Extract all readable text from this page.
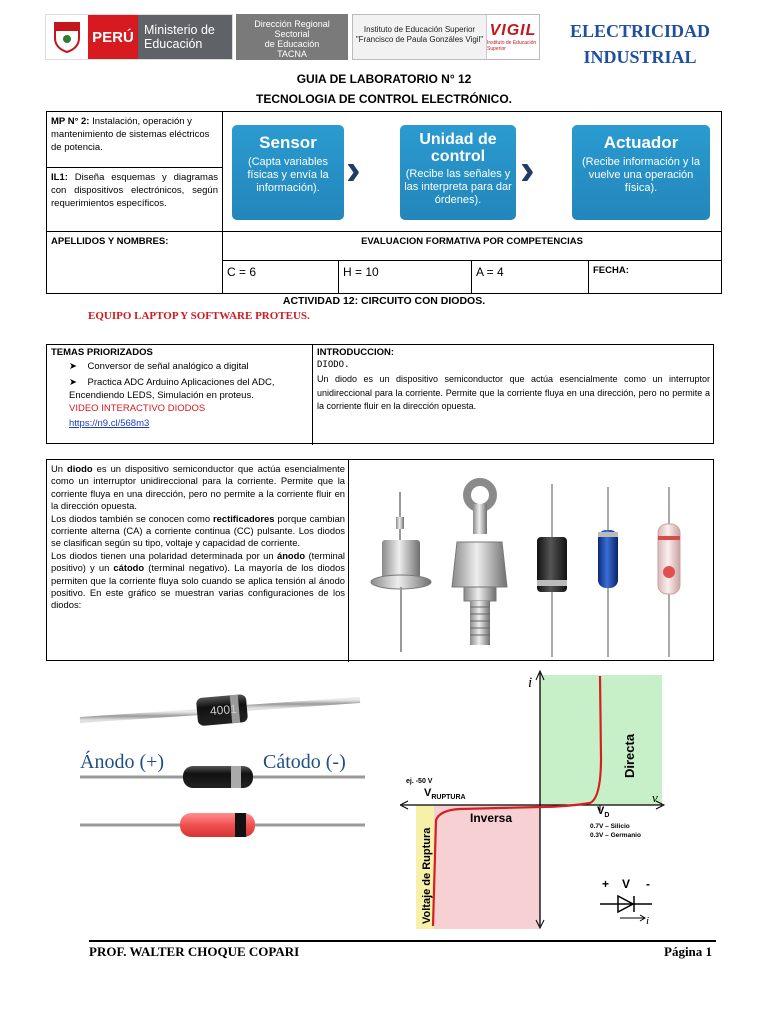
PERÚ Ministerio de Educación
Dirección Regional Sectorial
de Educación
TACNA
Instituto de Educación Superior
"Francisco de Paula Gonzáles Vigil"
VIGIL
Instituto de Educación Superior
ELECTRICIDAD INDUSTRIAL
GUIA DE LABORATORIO N° 12
TECNOLOGIA DE CONTROL ELECTRÓNICO.
MP N° 2: Instalación, operación y mantenimiento de sistemas eléctricos de potencia.
IL1: Diseña esquemas y diagramas con dispositivos electrónicos, según requerimientos específicos.
Sensor
(Capta variables físicas y envía la información). ›
Unidad de control
(Recibe las señales y las interpreta para dar órdenes).
›
Actuador
(Recibe información y la vuelve una operación física).
APELLIDOS Y NOMBRES:	EVALUACION FORMATIVA POR COMPETENCIAS
C = 6	H = 10	A = 4	FECHA:
ACTIVIDAD 12: CIRCUITO CON DIODOS.
EQUIPO LAPTOP Y SOFTWARE PROTEUS.
TEMAS PRIORIZADOS
➤ Conversor de señal analógico a digital
➤ Practica ADC Arduino Aplicaciones del ADC, Encendiendo LEDS, Simulación en proteus.
VIDEO INTERACTIVO DIODOS
https://n9.cl/568m3
INTRODUCCION:
DIODO.
Un diodo es un dispositivo semiconductor que actúa esencialmente como un interruptor unidireccional para la corriente. Permite que la corriente fluya en una dirección, pero no permite a la corriente fluir en la dirección opuesta.
Un diodo es un dispositivo semiconductor que actúa esencialmente como un interruptor unidireccional para la corriente. Permite que la corriente fluya en una dirección, pero no permite a la corriente fluir en la dirección opuesta.
Los diodos también se conocen como rectificadores porque cambian corriente alterna (CA) a corriente continua (CC) pulsante. Los diodos se clasifican según su tipo, voltaje y capacidad de corriente.
Los diodos tienen una polaridad determinada por un ánodo (terminal positivo) y un cátodo (terminal negativo). La mayoría de los diodos permiten que la corriente fluya solo cuando se aplica tensión al ánodo positivo. En este gráfico se muestran varias configuraciones de los diodos:
4001
Ánodo (+)	Cátodo (-)
i
v
ej. -50 V
$V_{RUPTURA}$
$V_D$
0.7V – Silicio
0.3V – Germanio
Directa
Inversa
Voltaje de Ruptura	+ V -
i
PROF. WALTER CHOQUE COPARI	Página 1
